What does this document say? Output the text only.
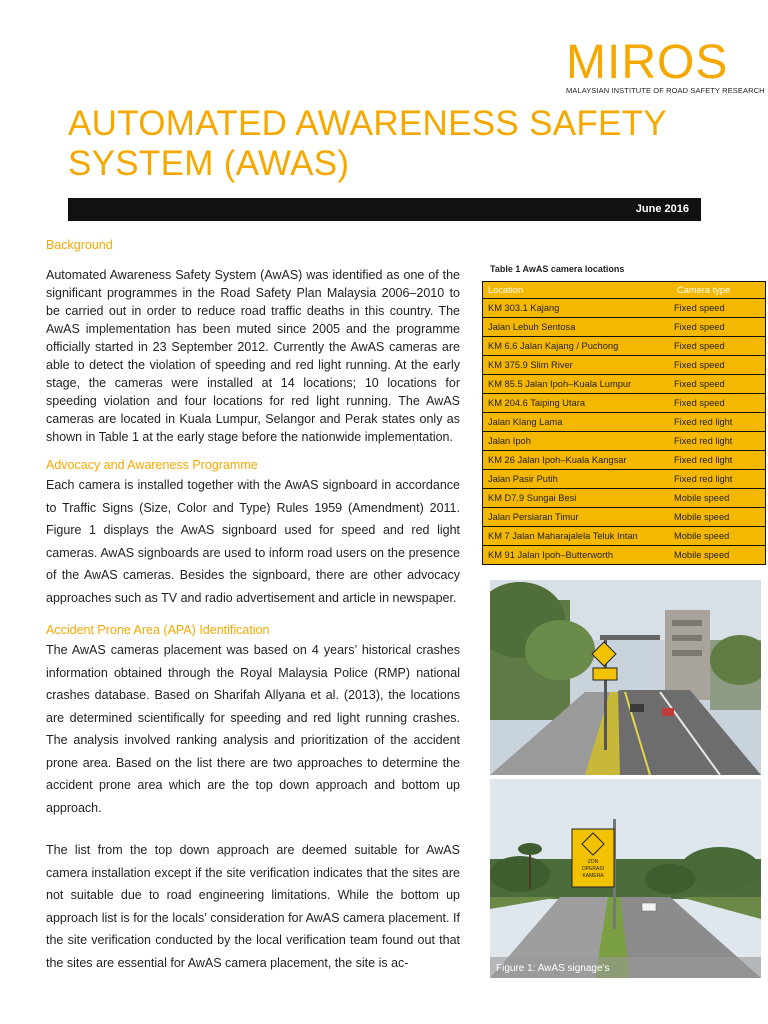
MIROS
MALAYSIAN INSTITUTE OF ROAD SAFETY RESEARCH
AUTOMATED AWARENESS SAFETY SYSTEM (AWAS)
June 2016
Background

Automated Awareness Safety System (AwAS) was identified as one of the significant programmes in the Road Safety Plan Malaysia 2006–2010 to be carried out in order to reduce road traffic deaths in this country. The AwAS implementation has been muted since 2005 and the programme officially started in 23 September 2012. Currently the AwAS cameras are able to detect the violation of speeding and red light running. At the early stage, the cameras were installed at 14 locations; 10 locations for speeding violation and four locations for red light running. The AwAS cameras are located in Kuala Lumpur, Selangor and Perak states only as shown in Table 1 at the early stage before the nationwide implementation.

Advocacy and Awareness Programme

Each camera is installed together with the AwAS signboard in accordance to Traffic Signs (Size, Color and Type) Rules 1959 (Amendment) 2011. Figure 1 displays the AwAS signboard used for speed and red light cameras. AwAS signboards are used to inform road users on the presence of the AwAS cameras. Besides the signboard, there are other advocacy approaches such as TV and radio advertisement and article in newspaper.

Accident Prone Area (APA) Identification

The AwAS cameras placement was based on 4 years’ historical crashes information obtained through the Royal Malaysia Police (RMP) national crashes database. Based on Sharifah Allyana et al. (2013), the locations are determined scientifically for speeding and red light running crashes. The analysis involved ranking analysis and prioritization of the accident prone area. Based on the list there are two approaches to determine the accident prone area which are the top down approach and bottom up approach.

The list from the top down approach are deemed suitable for AwAS camera installation except if the site verification indicates that the sites are not suitable due to road engineering limitations. While the bottom up approach list is for the locals’ consideration for AwAS camera placement. If the site verification conducted by the local verification team found out that the sites are essential for AwAS camera placement, the site is ac-

Table 1 AwAS camera locations
Location	Camera type
KM 303.1 Kajang	Fixed speed
Jalan Lebuh Sentosa	Fixed speed
KM 6.6 Jalan Kajang / Puchong	Fixed speed
KM 375.9 Slim River	Fixed speed
KM 85.5 Jalan Ipoh–Kuala Lumpur	Fixed speed
KM 204.6 Taiping Utara	Fixed speed
Jalan Klang Lama	Fixed red light
Jalan Ipoh	Fixed red light
KM 26 Jalan Ipoh–Kuala Kangsar	Fixed red light
Jalan Pasir Putih	Fixed red light
KM D7.9 Sungai Besi	Mobile speed
Jalan Persiaran Timur	Mobile speed
KM 7 Jalan Maharajalela Teluk Intan	Mobile speed
KM 91 Jalan Ipoh–Butterworth	Mobile speed
ZON
OPERASI
KAMERA
Figure 1: AwAS signage’s
